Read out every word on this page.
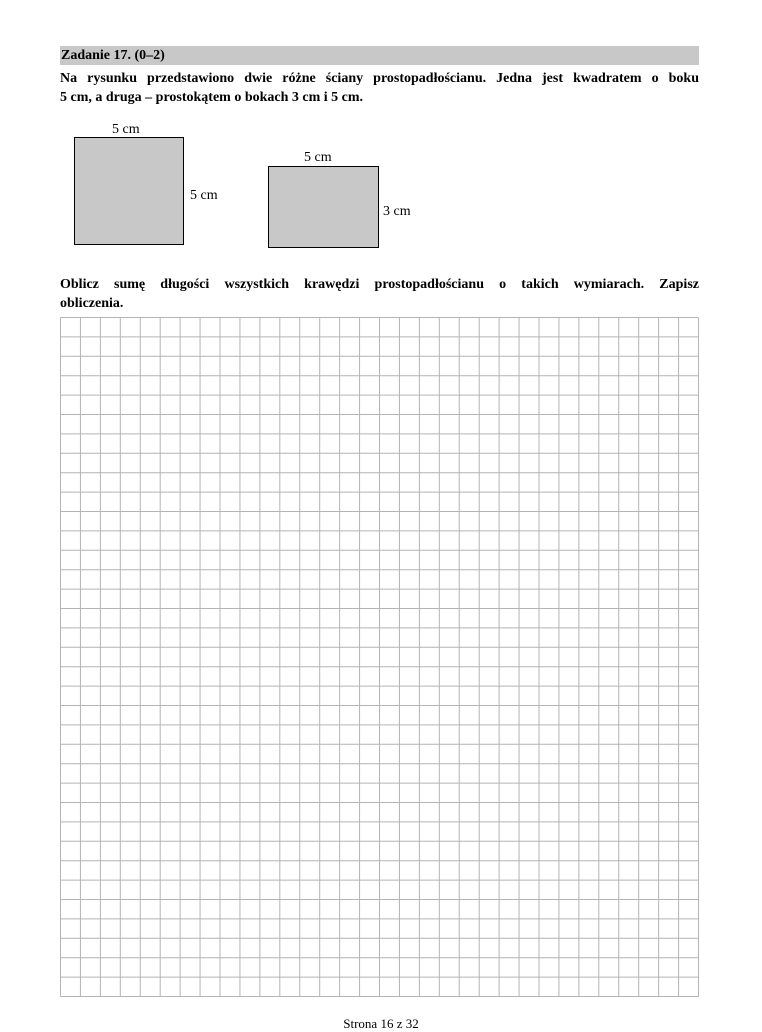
Zadanie 17. (0–2)
Na rysunku przedstawiono dwie różne ściany prostopadłościanu. Jedna jest kwadratem o boku
5 cm, a druga – prostokątem o bokach 3 cm i 5 cm.
5 cm
5 cm
5 cm
3 cm
Oblicz sumę długości wszystkich krawędzi prostopadłościanu o takich wymiarach. Zapisz
obliczenia.
Strona 16 z 32
